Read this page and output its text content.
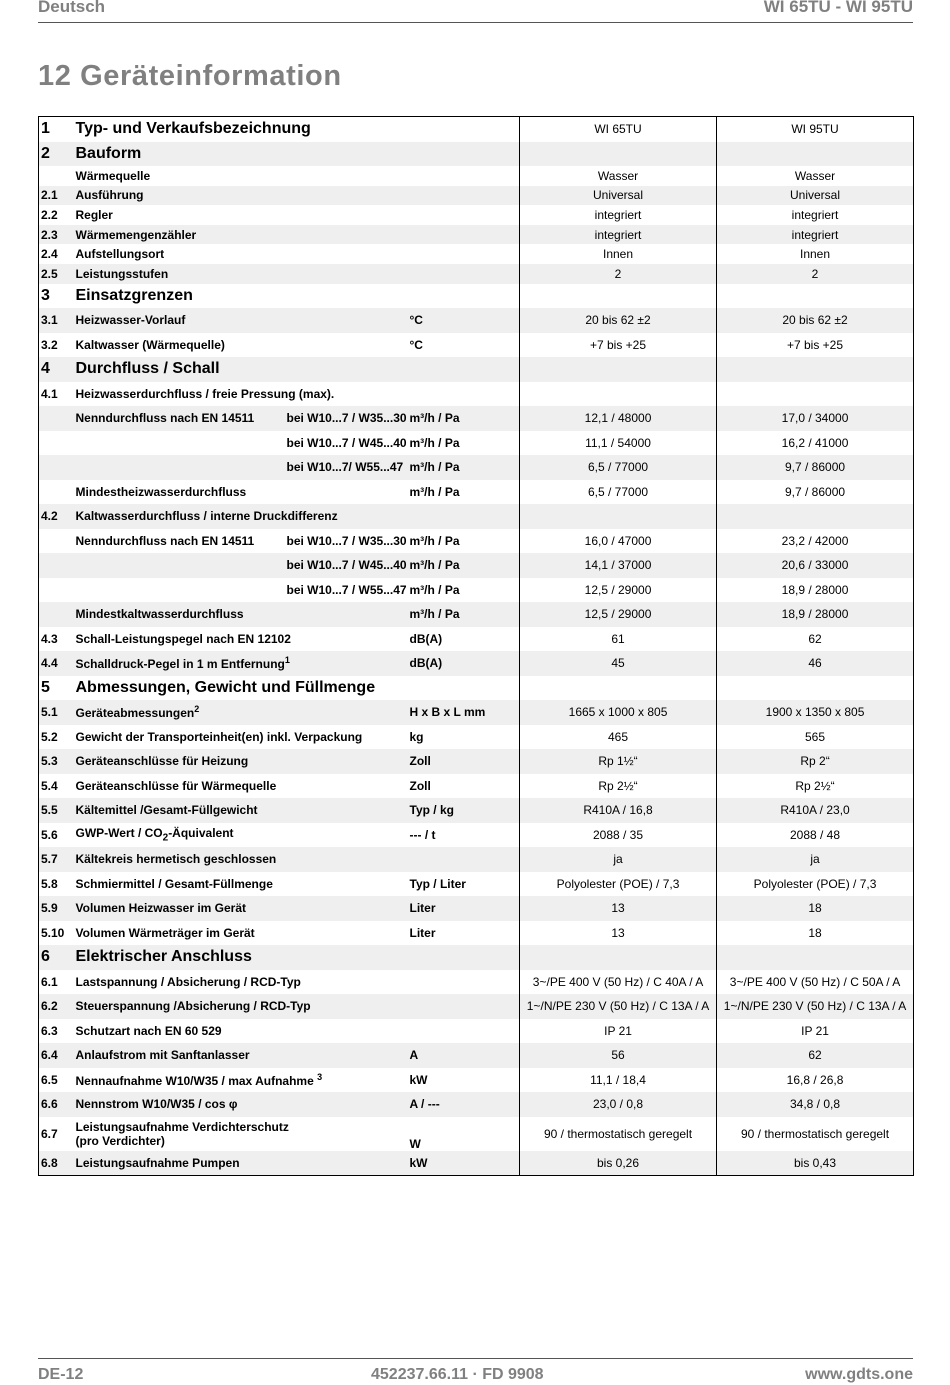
Deutsch	WI 65TU - WI 95TU
12 Geräteinformation
1	Typ- und Verkaufsbezeichnung			WI 65TU	WI 95TU
2	Bauform				
	Wärmequelle			Wasser	Wasser
2.1	Ausführung			Universal	Universal
2.2	Regler			integriert	integriert
2.3	Wärmemengenzähler			integriert	integriert
2.4	Aufstellungsort			Innen	Innen
2.5	Leistungsstufen			2	2
3	Einsatzgrenzen				
3.1	Heizwasser-Vorlauf		°C	20 bis 62 ±2	20 bis 62 ±2
3.2	Kaltwasser (Wärmequelle)		°C	+7 bis +25	+7 bis +25
4	Durchfluss / Schall				
4.1	Heizwasserdurchfluss / freie Pressung (max).				
	Nenndurchfluss nach EN 14511	bei W10...7 / W35...30	m³/h / Pa	12,1 / 48000	17,0 / 34000
		bei W10...7 / W45...40	m³/h / Pa	11,1 / 54000	16,2 / 41000
		bei W10...7/ W55...47	m³/h / Pa	6,5 / 77000	9,7 / 86000
	Mindestheizwasserdurchfluss		m³/h / Pa	6,5 / 77000	9,7 / 86000
4.2	Kaltwasserdurchfluss / interne Druckdifferenz				
	Nenndurchfluss nach EN 14511	bei W10...7 / W35...30	m³/h / Pa	16,0 / 47000	23,2 / 42000
		bei W10...7 / W45...40	m³/h / Pa	14,1 / 37000	20,6 / 33000
		bei W10...7 / W55...47	m³/h / Pa	12,5 / 29000	18,9 / 28000
	Mindestkaltwasserdurchfluss		m³/h / Pa	12,5 / 29000	18,9 / 28000
4.3	Schall-Leistungspegel nach EN 12102		dB(A)	61	62
4.4	Schalldruck-Pegel in 1 m Entfernung$^1$		dB(A)	45	46
5	Abmessungen, Gewicht und Füllmenge				
5.1	Geräteabmessungen$^2$		H x B x L mm	1665 x 1000 x 805	1900 x 1350 x 805
5.2	Gewicht der Transporteinheit(en) inkl. Verpackung		kg	465	565
5.3	Geräteanschlüsse für Heizung		Zoll	Rp 1½“	Rp 2“
5.4	Geräteanschlüsse für Wärmequelle		Zoll	Rp 2½“	Rp 2½“
5.5	Kältemittel /Gesamt-Füllgewicht		Typ / kg	R410A / 16,8	R410A / 23,0
5.6	GWP-Wert / $CO_2$-Äquivalent		--- / t	2088 / 35	2088 / 48
5.7	Kältekreis hermetisch geschlossen			ja	ja
5.8	Schmiermittel / Gesamt-Füllmenge		Typ / Liter	Polyolester (POE) / 7,3	Polyolester (POE) / 7,3
5.9	Volumen Heizwasser im Gerät		Liter	13	18
5.10	Volumen Wärmeträger im Gerät		Liter	13	18
6	Elektrischer Anschluss				
6.1	Lastspannung / Absicherung / RCD-Typ			3~/PE 400 V (50 Hz) / C 40A / A	3~/PE 400 V (50 Hz) / C 50A / A
6.2	Steuerspannung /Absicherung / RCD-Typ			1~/N/PE 230 V (50 Hz) / C 13A / A	1~/N/PE 230 V (50 Hz) / C 13A / A
6.3	Schutzart nach EN 60 529			IP 21	IP 21
6.4	Anlaufstrom mit Sanftanlasser		A	56	62
6.5	Nennaufnahme W10/W35 / max Aufnahme $^3$		kW	11,1 / 18,4	16,8 / 26,8
6.6	Nennstrom W10/W35 / cos φ		A / ---	23,0 / 0,8	34,8 / 0,8
6.7	Leistungsaufnahme Verdichterschutz
(pro Verdichter)		W	90 / thermostatisch geregelt	90 / thermostatisch geregelt
6.8	Leistungsaufnahme Pumpen		kW	bis 0,26	bis 0,43
DE-12	452237.66.11 · FD 9908	www.gdts.one
